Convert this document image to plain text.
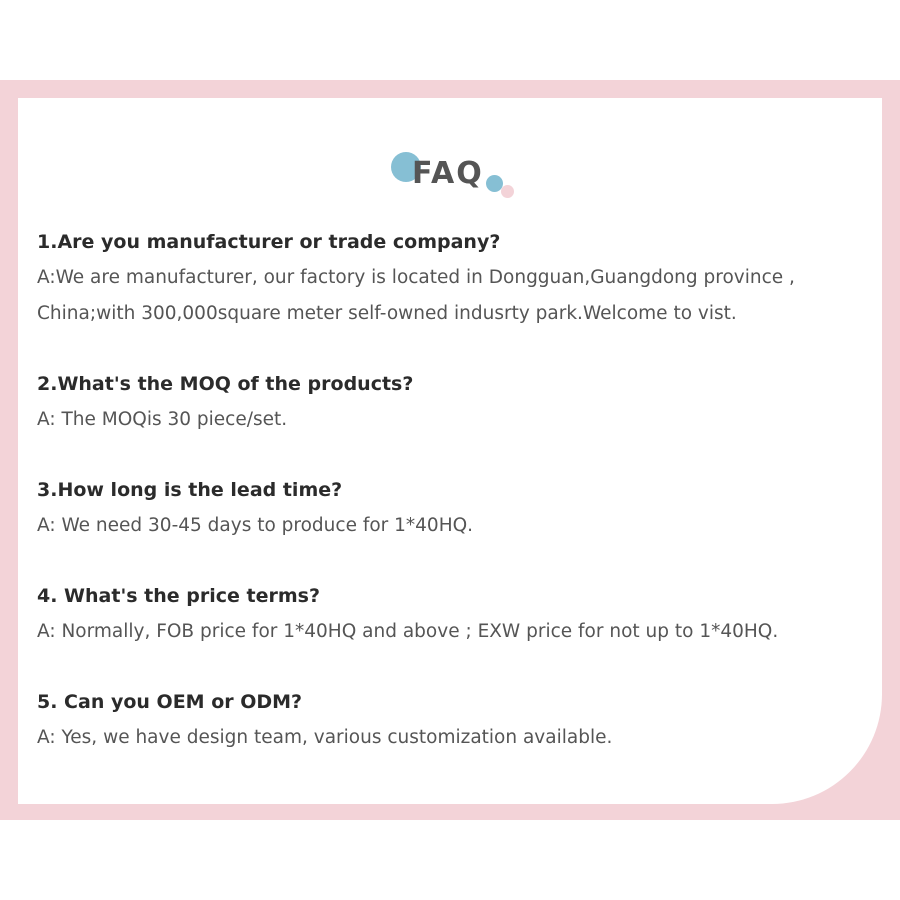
FAQ
1.Are you manufacturer or trade company?
A:We are manufacturer, our factory is located in Dongguan,Guangdong province ,
China;with 300,000square meter self-owned indusrty park.Welcome to vist.
2.What's the MOQ of the products?
A: The MOQis 30 piece/set.
3.How long is the lead time?
A: We need 30-45 days to produce for 1*40HQ.
4. What's the price terms?
A: Normally, FOB price for 1*40HQ and above ; EXW price for not up to 1*40HQ.
5. Can you OEM or ODM?
A: Yes, we have design team, various customization available.
